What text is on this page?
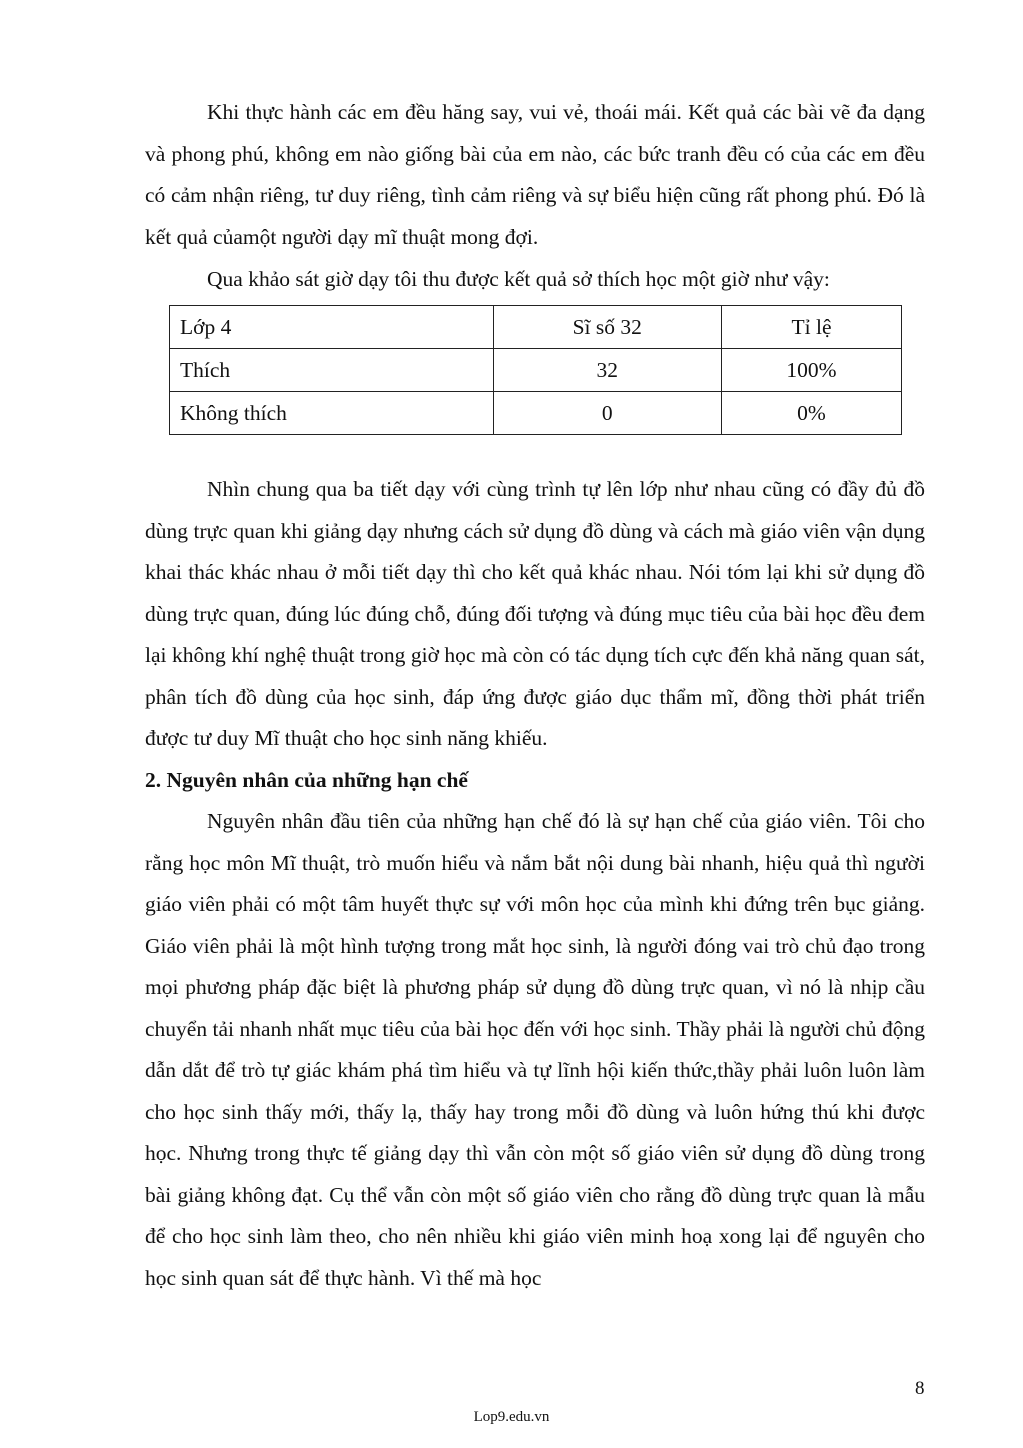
Khi thực hành các em đều hăng say, vui vẻ, thoái mái. Kết quả các bài vẽ đa dạng và phong phú, không em nào giống bài của em nào, các bức tranh đều có của các em đều có cảm nhận riêng, tư duy riêng, tình cảm riêng và sự biểu hiện cũng rất phong phú. Đó là kết quả củamột người dạy mĩ thuật mong đợi.

Qua khảo sát giờ dạy tôi thu được kết quả sở thích học một giờ như vậy:
Lớp 4	Sĩ số 32	Tỉ lệ
Thích	32	100%
Không thích	0	0%

Nhìn chung qua ba tiết dạy với cùng trình tự lên lớp như nhau cũng có đầy đủ đồ dùng trực quan khi giảng dạy nhưng cách sử dụng đồ dùng và cách mà giáo viên vận dụng khai thác khác nhau ở mỗi tiết dạy thì cho kết quả khác nhau. Nói tóm lại khi sử dụng đồ dùng trực quan, đúng lúc đúng chỗ, đúng đối tượng và đúng mục tiêu của bài học đều đem lại không khí nghệ thuật trong giờ học mà còn có tác dụng tích cực đến khả năng quan sát, phân tích đồ dùng của học sinh, đáp ứng được giáo dục thẩm mĩ, đồng thời phát triển được tư duy Mĩ thuật cho học sinh năng khiếu.

2. Nguyên nhân của những hạn chế

Nguyên nhân đầu tiên của những hạn chế đó là sự hạn chế của giáo viên. Tôi cho rằng học môn Mĩ thuật, trò muốn hiểu và nắm bắt nội dung bài nhanh, hiệu quả thì người giáo viên phải có một tâm huyết thực sự với môn học của mình khi đứng trên bục giảng. Giáo viên phải là một hình tượng trong mắt học sinh, là người đóng vai trò chủ đạo trong mọi phương pháp đặc biệt là phương pháp sử dụng đồ dùng trực quan, vì nó là nhịp cầu chuyển tải nhanh nhất mục tiêu của bài học đến với học sinh. Thầy phải là người chủ động dẫn dắt để trò tự giác khám phá tìm hiểu và tự lĩnh hội kiến thức,thầy phải luôn luôn làm cho học sinh thấy mới, thấy lạ, thấy hay trong mỗi đồ dùng và luôn hứng thú khi được học. Nhưng trong thực tế giảng dạy thì vẫn còn một số giáo viên sử dụng đồ dùng trong bài giảng không đạt. Cụ thể vẫn còn một số giáo viên cho rằng đồ dùng trực quan là mẫu để cho học sinh làm theo, cho nên nhiều khi giáo viên minh hoạ xong lại để nguyên cho học sinh quan sát để thực hành. Vì thế mà học

8
Lop9.edu.vn
